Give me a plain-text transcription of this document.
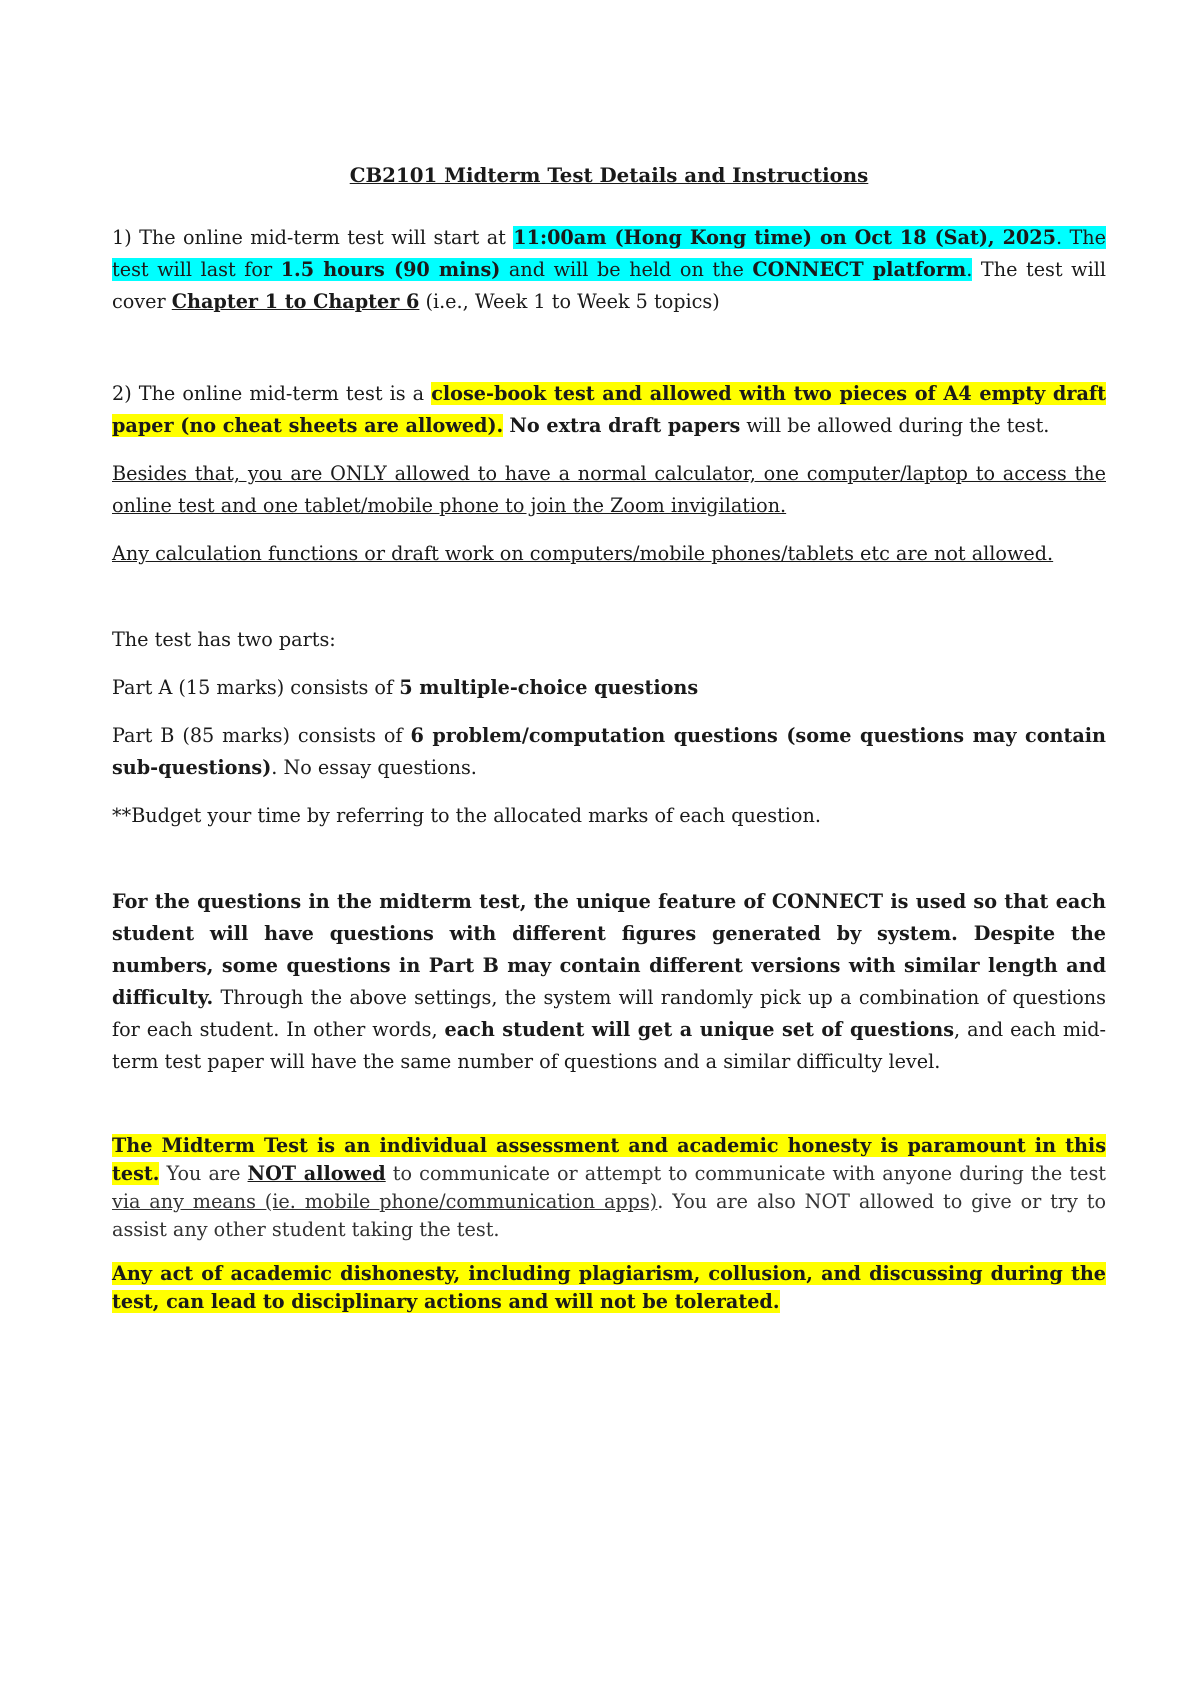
CB2101 Midterm Test Details and Instructions

1) The online mid-term test will start at 11:00am (Hong Kong time) on Oct 18 (Sat), 2025. The test will last for 1.5 hours (90 mins) and will be held on the CONNECT platform. The test will cover Chapter 1 to Chapter 6 (i.e., Week 1 to Week 5 topics)

2) The online mid-term test is a close-book test and allowed with two pieces of A4 empty draft paper (no cheat sheets are allowed). No extra draft papers will be allowed during the test.

Besides that, you are ONLY allowed to have a normal calculator, one computer/laptop to access the online test and one tablet/mobile phone to join the Zoom invigilation.

Any calculation functions or draft work on computers/mobile phones/tablets etc are not allowed.

The test has two parts:

Part A (15 marks) consists of 5 multiple-choice questions

Part B (85 marks) consists of 6 problem/computation questions (some questions may contain sub-questions). No essay questions.

**Budget your time by referring to the allocated marks of each question.

For the questions in the midterm test, the unique feature of CONNECT is used so that each student will have questions with different figures generated by system. Despite the numbers, some questions in Part B may contain different versions with similar length and difficulty. Through the above settings, the system will randomly pick up a combination of questions for each student. In other words, each student will get a unique set of questions, and each mid-term test paper will have the same number of questions and a similar difficulty level.

The Midterm Test is an individual assessment and academic honesty is paramount in this test. You are NOT allowed to communicate or attempt to communicate with anyone during the test via any means (ie. mobile phone/communication apps). You are also NOT allowed to give or try to assist any other student taking the test.

Any act of academic dishonesty, including plagiarism, collusion, and discussing during the test, can lead to disciplinary actions and will not be tolerated.
